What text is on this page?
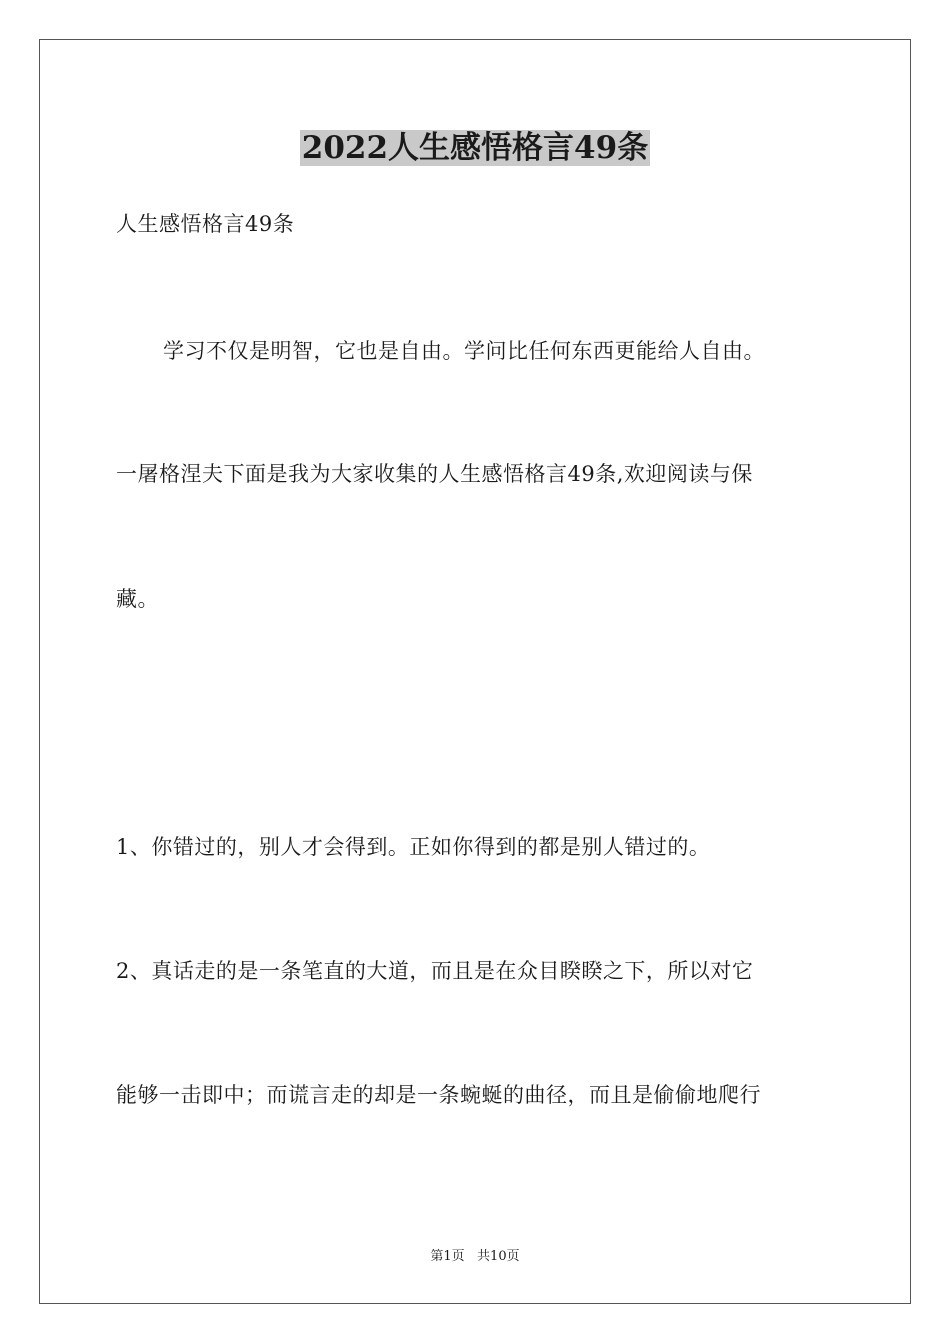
2022人生感悟格言49条
人生感悟格言49条
学习不仅是明智，它也是自由。学问比任何东西更能给人自由。
一屠格涅夫下面是我为大家收集的人生感悟格言49条,欢迎阅读与保
藏。
1、你错过的，别人才会得到。正如你得到的都是别人错过的。
2、真话走的是一条笔直的大道，而且是在众目睽睽之下，所以对它
能够一击即中；而谎言走的却是一条蜿蜒的曲径，而且是偷偷地爬行
第1页   共10页
